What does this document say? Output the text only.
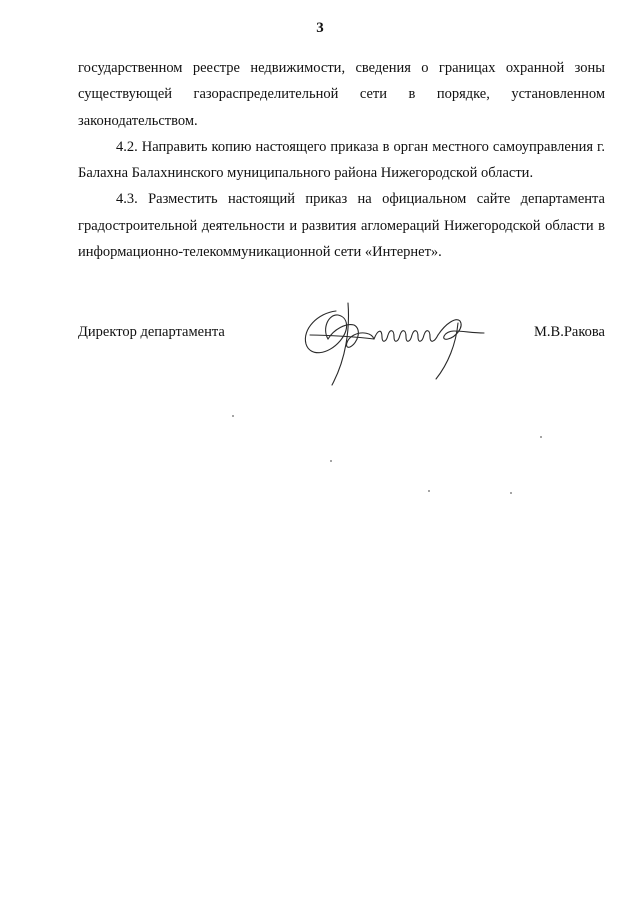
3

государственном реестре недвижимости, сведения о границах охранной зоны
существующей газораспределительной сети в порядке, установленном
законодательством.

4.2. Направить копию настоящего приказа в орган местного самоуправления г. Балахна Балахнинского муниципального района Нижегородской области.

4.3. Разместить настоящий приказ на официальном сайте департамента градостроительной деятельности и развития агломераций Нижегородской области в информационно-телекоммуникационной сети «Интернет».

Директор департамента	М.В.Ракова
